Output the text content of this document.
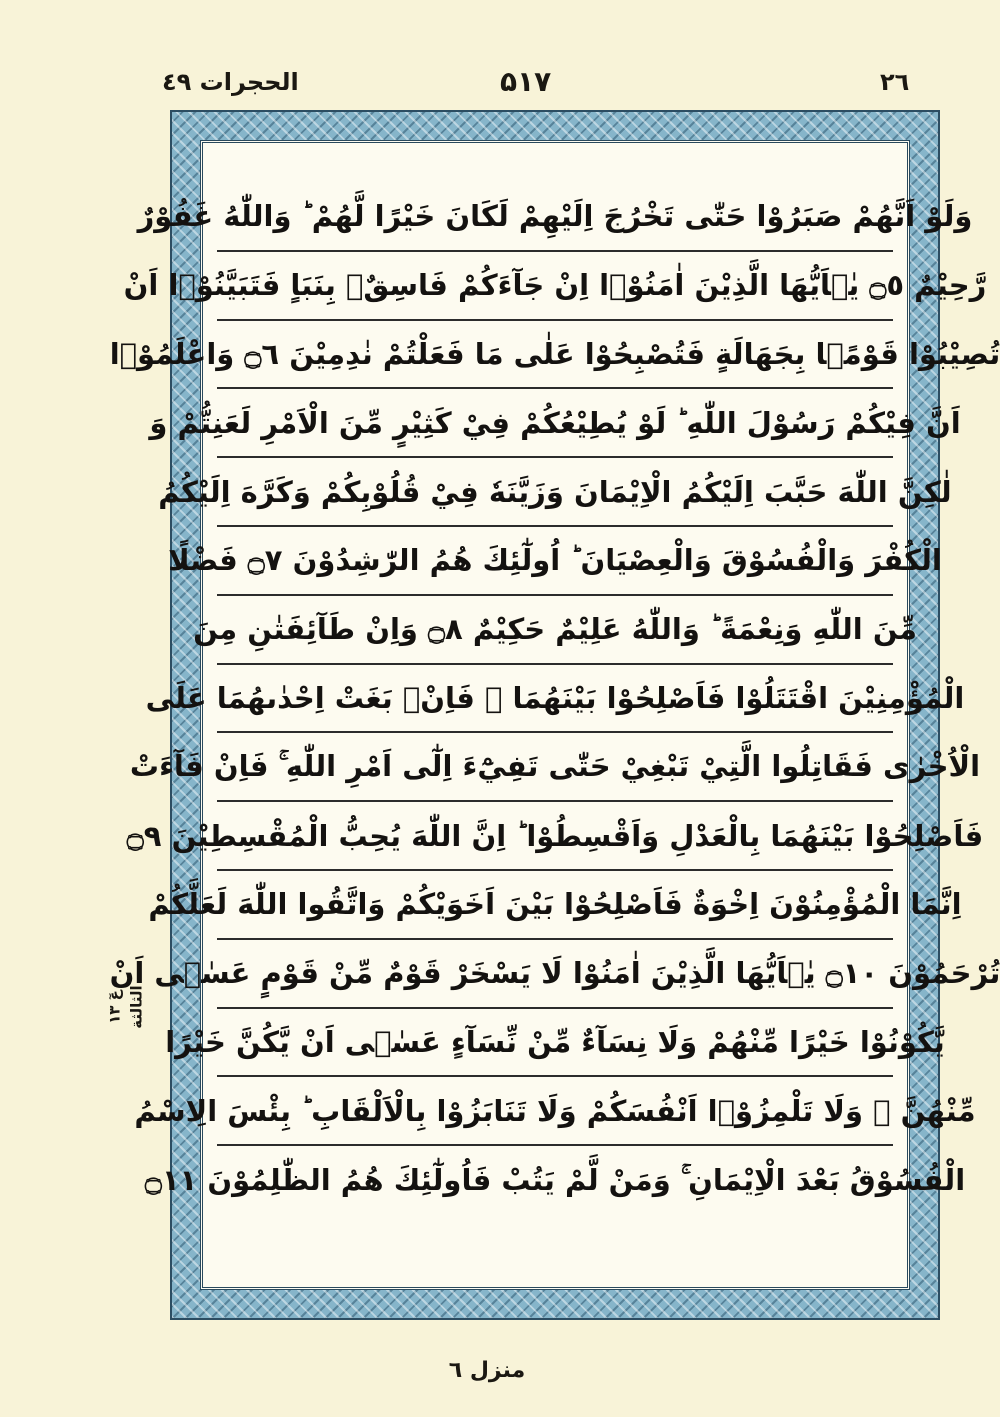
الحجرات ٤٩	۵١٧	٢٦
وَلَوْ اَنَّهُمْ صَبَرُوْا حَتّٰى تَخْرُجَ اِلَيْهِمْ لَكَانَ خَيْرًا لَّهُمْ ؕ وَاللّٰهُ غَفُوْرٌ
رَّحِيْمٌ ۝٥ يٰۤاَيُّهَا الَّذِيْنَ اٰمَنُوْۤا اِنْ جَآءَكُمْ فَاسِقٌۢ بِنَبَاٍ فَتَبَيَّنُوْۤا اَنْ
تُصِيْبُوْا قَوْمًۢا بِجَهَالَةٍ فَتُصْبِحُوْا عَلٰى مَا فَعَلْتُمْ نٰدِمِيْنَ ۝٦ وَاعْلَمُوْۤا
اَنَّ فِيْكُمْ رَسُوْلَ اللّٰهِ ؕ لَوْ يُطِيْعُكُمْ فِيْ كَثِيْرٍ مِّنَ الْاَمْرِ لَعَنِتُّمْ وَ
لٰكِنَّ اللّٰهَ حَبَّبَ اِلَيْكُمُ الْاِيْمَانَ وَزَيَّنَهٗ فِيْ قُلُوْبِكُمْ وَكَرَّهَ اِلَيْكُمُ
الْكُفْرَ وَالْفُسُوْقَ وَالْعِصْيَانَ ؕ اُولٰٓئِكَ هُمُ الرّٰشِدُوْنَ ۝٧ فَضْلًا
مِّنَ اللّٰهِ وَنِعْمَةً ؕ وَاللّٰهُ عَلِيْمٌ حَكِيْمٌ ۝٨ وَاِنْ طَآئِفَتٰنِ مِنَ
الْمُؤْمِنِيْنَ اقْتَتَلُوْا فَاَصْلِحُوْا بَيْنَهُمَا ۚ فَاِنْۢ بَغَتْ اِحْدٰىهُمَا عَلَى
الْاُخْرٰى فَقَاتِلُوا الَّتِيْ تَبْغِيْ حَتّٰى تَفِيْٓءَ اِلٰٓى اَمْرِ اللّٰهِ ۚ فَاِنْ فَآءَتْ
فَاَصْلِحُوْا بَيْنَهُمَا بِالْعَدْلِ وَاَقْسِطُوْا ؕ اِنَّ اللّٰهَ يُحِبُّ الْمُقْسِطِيْنَ ۝٩
اِنَّمَا الْمُؤْمِنُوْنَ اِخْوَةٌ فَاَصْلِحُوْا بَيْنَ اَخَوَيْكُمْ وَاتَّقُوا اللّٰهَ لَعَلَّكُمْ
تُرْحَمُوْنَ ۝١٠ يٰۤاَيُّهَا الَّذِيْنَ اٰمَنُوْا لَا يَسْخَرْ قَوْمٌ مِّنْ قَوْمٍ عَسٰۤى اَنْ
يَّكُوْنُوْا خَيْرًا مِّنْهُمْ وَلَا نِسَآءٌ مِّنْ نِّسَآءٍ عَسٰۤى اَنْ يَّكُنَّ خَيْرًا
مِّنْهُنَّ ۚ وَلَا تَلْمِزُوْۤا اَنْفُسَكُمْ وَلَا تَنَابَزُوْا بِالْاَلْقَابِ ؕ بِئْسَ الِاسْمُ
الْفُسُوْقُ بَعْدَ الْاِيْمَانِ ۚ وَمَنْ لَّمْ يَتُبْ فَاُولٰٓئِكَ هُمُ الظّٰلِمُوْنَ ۝١١
عٓ ١٣ الثالثة
منزل ٦
